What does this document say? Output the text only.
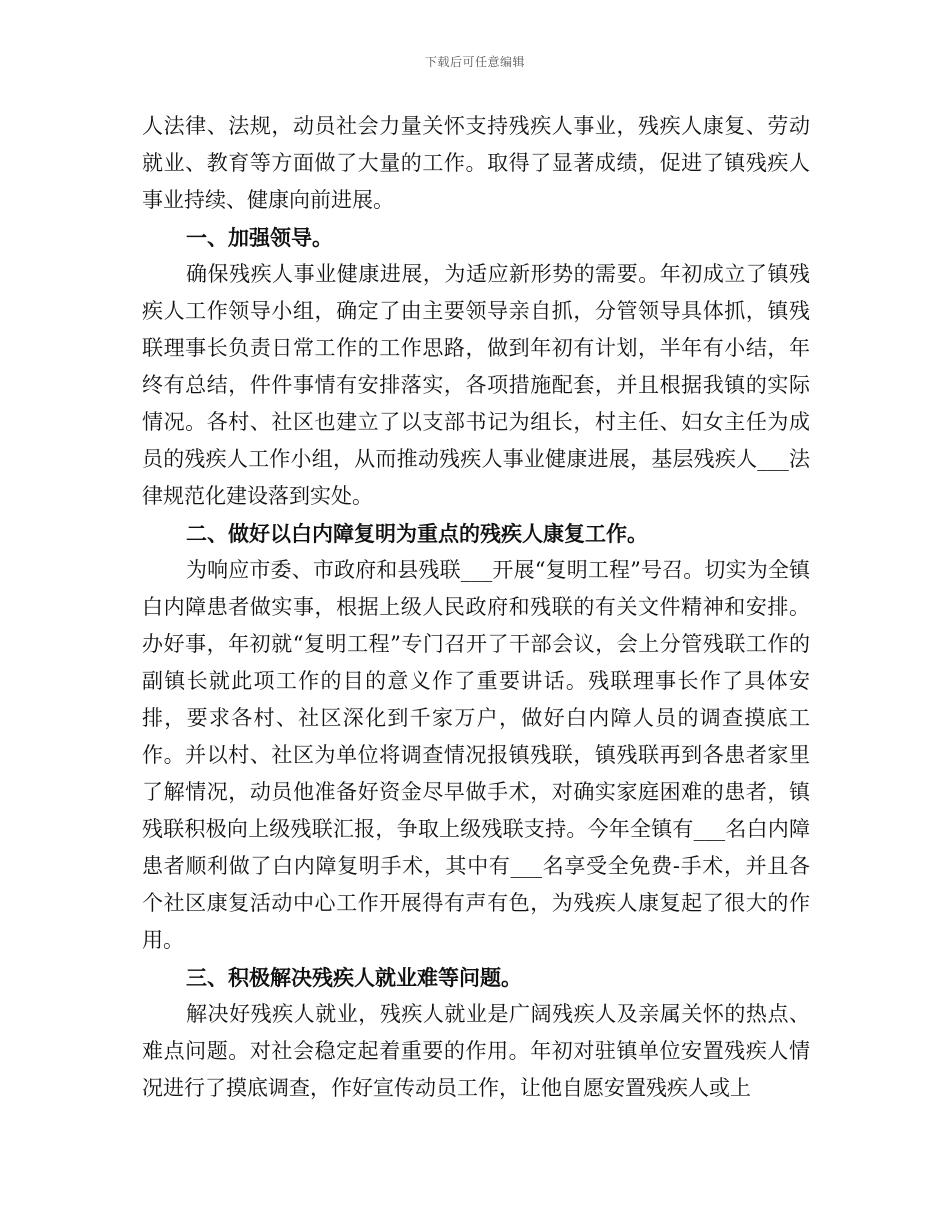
下载后可任意编辑

人法律、法规，动员社会力量关怀支持残疾人事业，残疾人康复、劳动就业、教育等方面做了大量的工作。取得了显著成绩，促进了镇残疾人事业持续、健康向前进展。

一、加强领导。

确保残疾人事业健康进展，为适应新形势的需要。年初成立了镇残疾人工作领导小组，确定了由主要领导亲自抓，分管领导具体抓，镇残联理事长负责日常工作的工作思路，做到年初有计划，半年有小结，年终有总结，件件事情有安排落实，各项措施配套，并且根据我镇的实际情况。各村、社区也建立了以支部书记为组长，村主任、妇女主任为成员的残疾人工作小组，从而推动残疾人事业健康进展，基层残疾人___法律规范化建设落到实处。

二、做好以白内障复明为重点的残疾人康复工作。

为响应市委、市政府和县残联___开展“复明工程”号召。切实为全镇白内障患者做实事，根据上级人民政府和残联的有关文件精神和安排。办好事，年初就“复明工程”专门召开了干部会议，会上分管残联工作的副镇长就此项工作的目的意义作了重要讲话。残联理事长作了具体安排，要求各村、社区深化到千家万户，做好白内障人员的调查摸底工作。并以村、社区为单位将调查情况报镇残联，镇残联再到各患者家里了解情况，动员他准备好资金尽早做手术，对确实家庭困难的患者，镇残联积极向上级残联汇报，争取上级残联支持。今年全镇有___名白内障患者顺利做了白内障复明手术，其中有___名享受全免费-手术，并且各个社区康复活动中心工作开展得有声有色，为残疾人康复起了很大的作用。

三、积极解决残疾人就业难等问题。

解决好残疾人就业，残疾人就业是广阔残疾人及亲属关怀的热点、难点问题。对社会稳定起着重要的作用。年初对驻镇单位安置残疾人情况进行了摸底调查，作好宣传动员工作，让他自愿安置残疾人或上
